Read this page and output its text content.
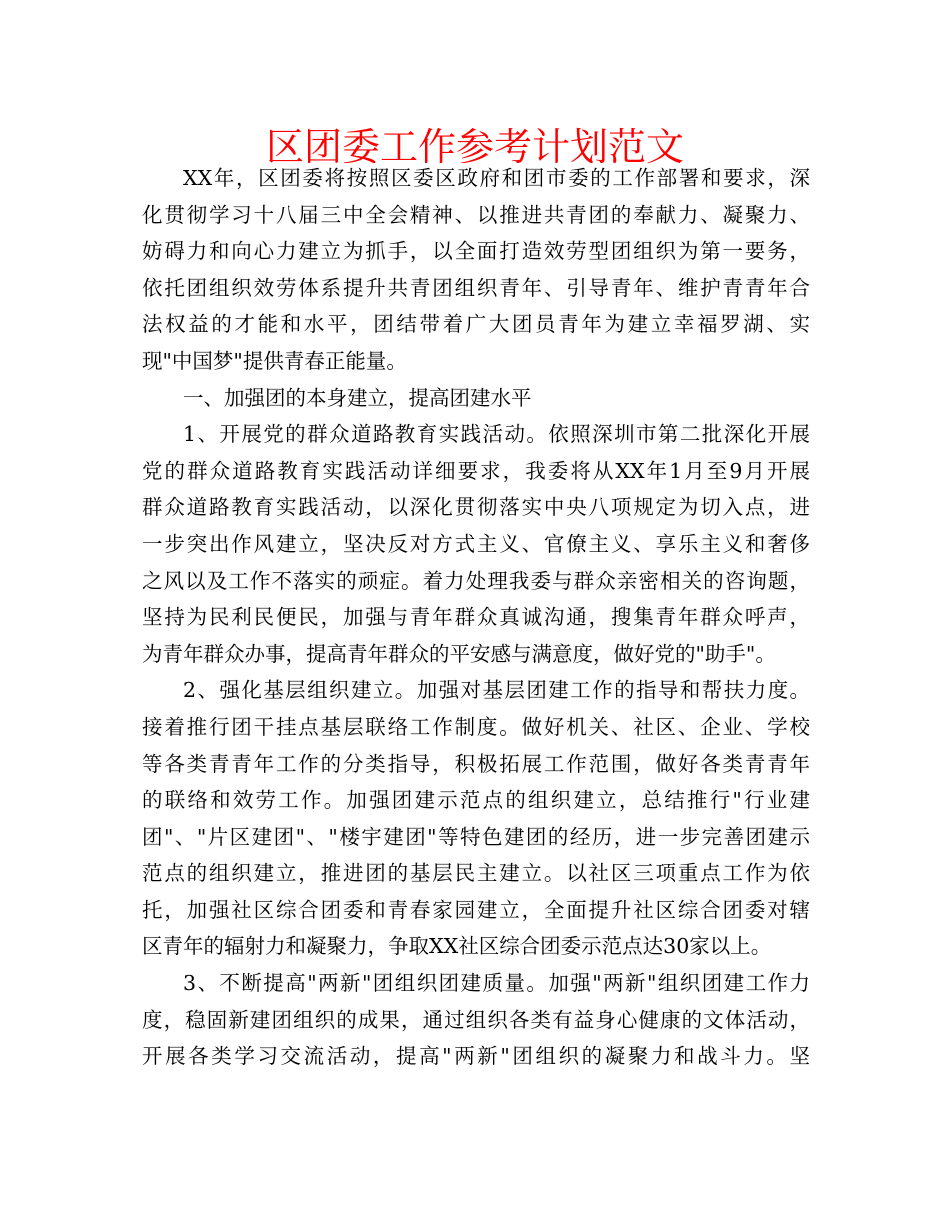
区团委工作参考计划范文
XX年，区团委将按照区委区政府和团市委的工作部署和要求，深
化贯彻学习十八届三中全会精神、以推进共青团的奉献力、凝聚力、
妨碍力和向心力建立为抓手，以全面打造效劳型团组织为第一要务，
依托团组织效劳体系提升共青团组织青年、引导青年、维护青青年合
法权益的才能和水平，团结带着广大团员青年为建立幸福罗湖、实
现"中国梦"提供青春正能量。
一、加强团的本身建立，提高团建水平
1、开展党的群众道路教育实践活动。依照深圳市第二批深化开展
党的群众道路教育实践活动详细要求，我委将从XX年1月至9月开展
群众道路教育实践活动，以深化贯彻落实中央八项规定为切入点，进
一步突出作风建立，坚决反对方式主义、官僚主义、享乐主义和奢侈
之风以及工作不落实的顽症。着力处理我委与群众亲密相关的咨询题，
坚持为民利民便民，加强与青年群众真诚沟通，搜集青年群众呼声，
为青年群众办事，提高青年群众的平安感与满意度，做好党的"助手"。
2、强化基层组织建立。加强对基层团建工作的指导和帮扶力度。
接着推行团干挂点基层联络工作制度。做好机关、社区、企业、学校
等各类青青年工作的分类指导，积极拓展工作范围，做好各类青青年
的联络和效劳工作。加强团建示范点的组织建立，总结推行"行业建
团"、"片区建团"、"楼宇建团"等特色建团的经历，进一步完善团建示
范点的组织建立，推进团的基层民主建立。以社区三项重点工作为依
托，加强社区综合团委和青春家园建立，全面提升社区综合团委对辖
区青年的辐射力和凝聚力，争取XX社区综合团委示范点达30家以上。
3、不断提高"两新"团组织团建质量。加强"两新"组织团建工作力
度，稳固新建团组织的成果，通过组织各类有益身心健康的文体活动，
开展各类学习交流活动，提高"两新"团组织的凝聚力和战斗力。坚
